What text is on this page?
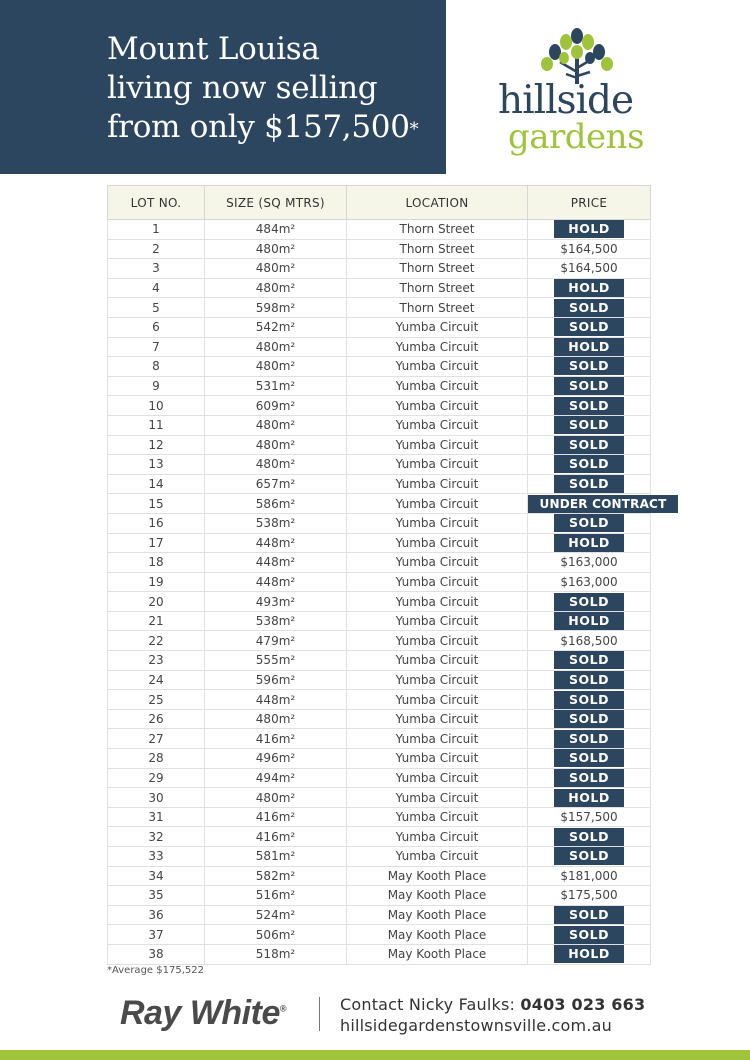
Mount Louisa
living now selling
from only $157,500*
hillside
gardens
LOT NO.	SIZE (SQ MTRS)	LOCATION	PRICE
1	484m²	Thorn Street	HOLD
2	480m²	Thorn Street	$164,500
3	480m²	Thorn Street	$164,500
4	480m²	Thorn Street	HOLD
5	598m²	Thorn Street	SOLD
6	542m²	Yumba Circuit	SOLD
7	480m²	Yumba Circuit	HOLD
8	480m²	Yumba Circuit	SOLD
9	531m²	Yumba Circuit	SOLD
10	609m²	Yumba Circuit	SOLD
11	480m²	Yumba Circuit	SOLD
12	480m²	Yumba Circuit	SOLD
13	480m²	Yumba Circuit	SOLD
14	657m²	Yumba Circuit	SOLD
15	586m²	Yumba Circuit	UNDER CONTRACT
16	538m²	Yumba Circuit	SOLD
17	448m²	Yumba Circuit	HOLD
18	448m²	Yumba Circuit	$163,000
19	448m²	Yumba Circuit	$163,000
20	493m²	Yumba Circuit	SOLD
21	538m²	Yumba Circuit	HOLD
22	479m²	Yumba Circuit	$168,500
23	555m²	Yumba Circuit	SOLD
24	596m²	Yumba Circuit	SOLD
25	448m²	Yumba Circuit	SOLD
26	480m²	Yumba Circuit	SOLD
27	416m²	Yumba Circuit	SOLD
28	496m²	Yumba Circuit	SOLD
29	494m²	Yumba Circuit	SOLD
30	480m²	Yumba Circuit	HOLD
31	416m²	Yumba Circuit	$157,500
32	416m²	Yumba Circuit	SOLD
33	581m²	Yumba Circuit	SOLD
34	582m²	May Kooth Place	$181,000
35	516m²	May Kooth Place	$175,500
36	524m²	May Kooth Place	SOLD
37	506m²	May Kooth Place	SOLD
38	518m²	May Kooth Place	HOLD
*Average $175,522
Ray White®	Contact Nicky Faulks: 0403 023 663
hillsidegardenstownsville.com.au
